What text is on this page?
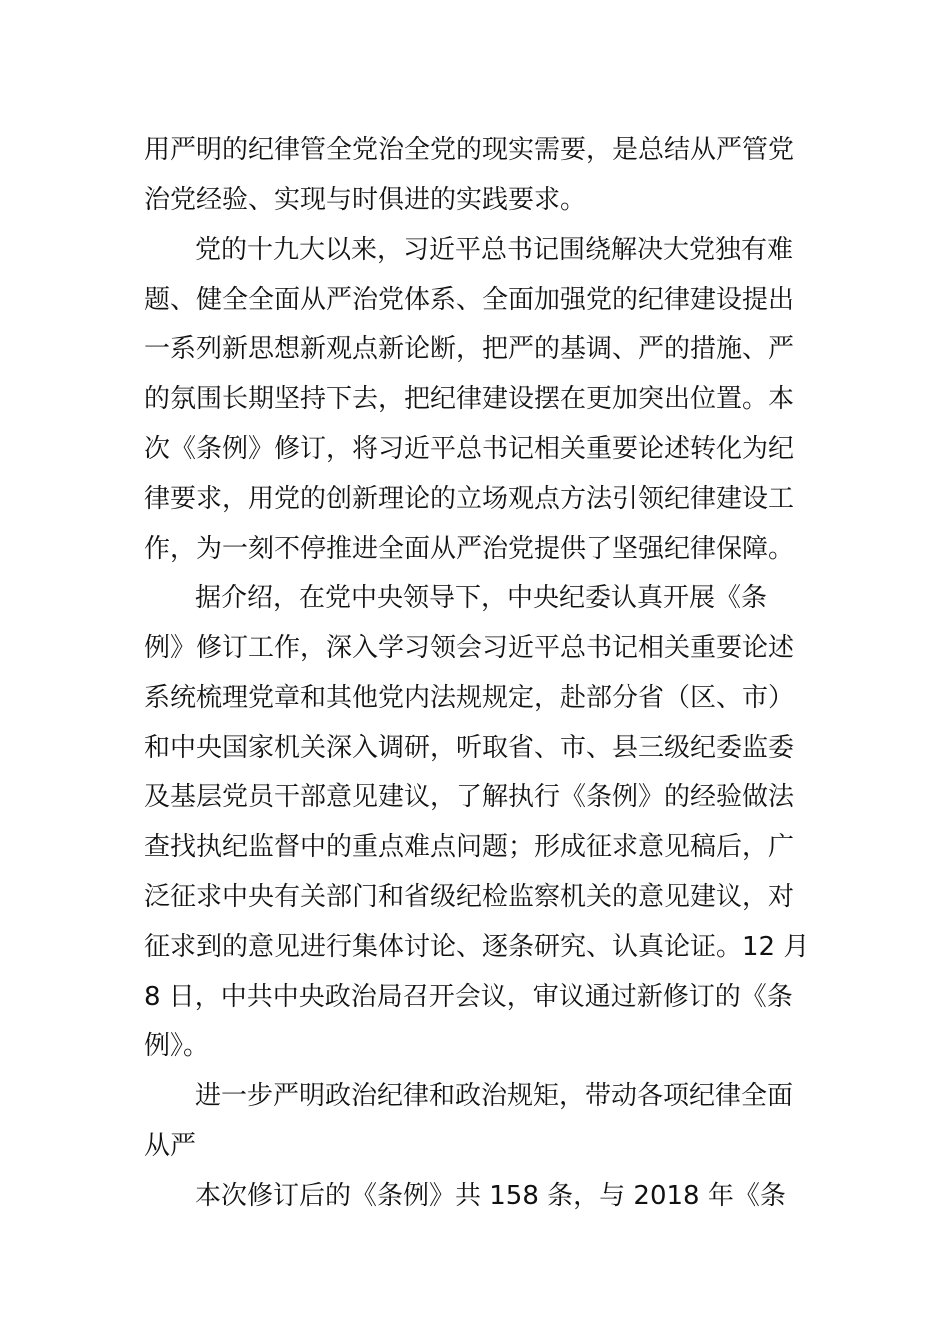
用严明的纪律管全党治全党的现实需要，是总结从严管党
治党经验、实现与时俱进的实践要求。
党的十九大以来，习近平总书记围绕解决大党独有难
题、健全全面从严治党体系、全面加强党的纪律建设提出
一系列新思想新观点新论断，把严的基调、严的措施、严
的氛围长期坚持下去，把纪律建设摆在更加突出位置。本
次《条例》修订，将习近平总书记相关重要论述转化为纪
律要求，用党的创新理论的立场观点方法引领纪律建设工
作，为一刻不停推进全面从严治党提供了坚强纪律保障。
据介绍，在党中央领导下，中央纪委认真开展《条
例》修订工作，深入学习领会习近平总书记相关重要论述
系统梳理党章和其他党内法规规定，赴部分省（区、市）
和中央国家机关深入调研，听取省、市、县三级纪委监委
及基层党员干部意见建议，了解执行《条例》的经验做法
查找执纪监督中的重点难点问题；形成征求意见稿后，广
泛征求中央有关部门和省级纪检监察机关的意见建议，对
征求到的意见进行集体讨论、逐条研究、认真论证。12 月
8 日，中共中央政治局召开会议，审议通过新修订的《条
例》。
进一步严明政治纪律和政治规矩，带动各项纪律全面
从严
本次修订后的《条例》共 158 条，与 2018 年《条
